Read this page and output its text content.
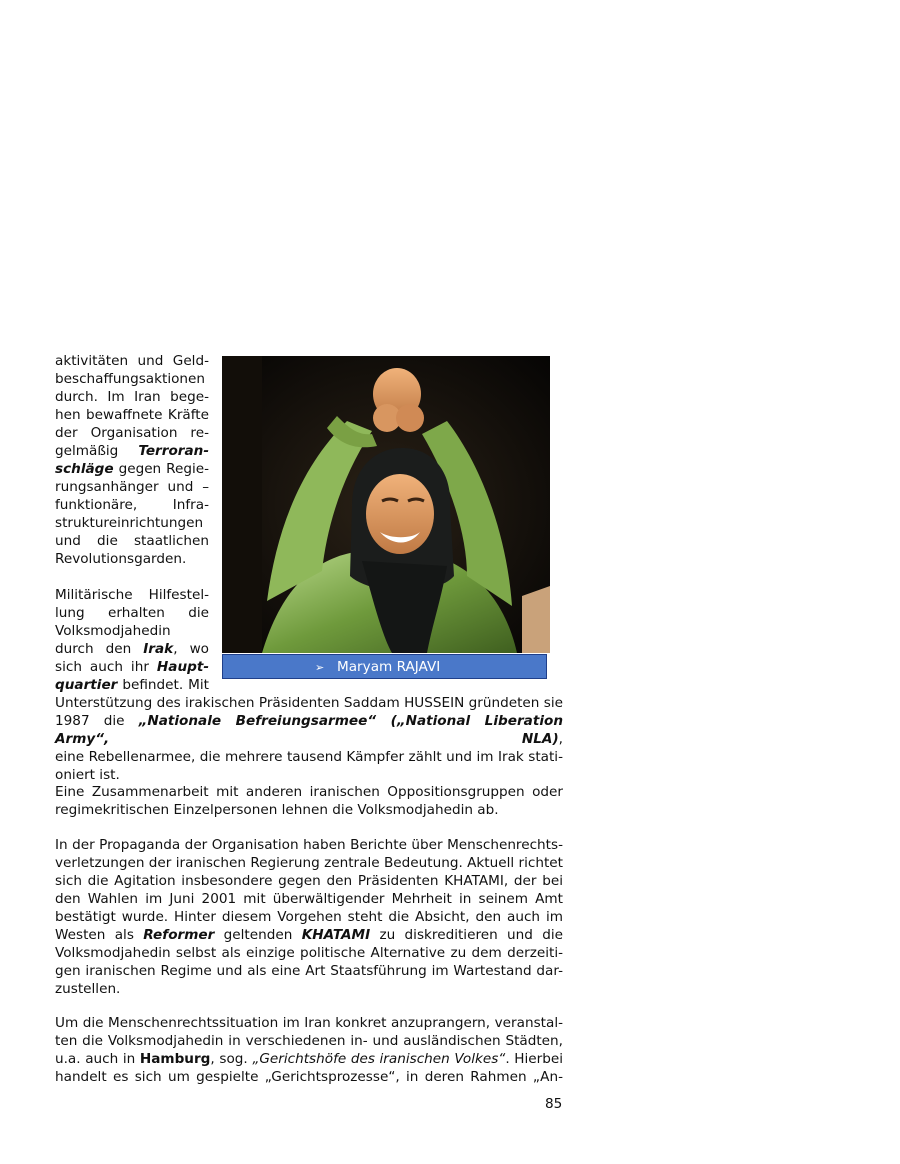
aktivitäten und Geld-
beschaffungsaktionen
durch. Im Iran bege-
hen bewaffnete Kräfte
der Organisation re-
gelmäßig Terroran-
schläge gegen Regie-
rungsanhänger und –
funktionäre, Infra-
struktureinrichtungen
und die staatlichen
Revolutionsgarden.
Militärische Hilfestel-
lung erhalten die
Volksmodjahedin
durch den Irak, wo
sich auch ihr Haupt-
quartier befindet. Mit
➢ Maryam RAJAVI
Unterstützung des irakischen Präsidenten Saddam HUSSEIN gründeten sie
1987 die „Nationale Befreiungsarmee“ („National Liberation Army“, NLA),
eine Rebellenarmee, die mehrere tausend Kämpfer zählt und im Irak stati-
oniert ist.
Eine Zusammenarbeit mit anderen iranischen Oppositionsgruppen oder
regimekritischen Einzelpersonen lehnen die Volksmodjahedin ab.
In der Propaganda der Organisation haben Berichte über Menschenrechts-
verletzungen der iranischen Regierung zentrale Bedeutung. Aktuell richtet
sich die Agitation insbesondere gegen den Präsidenten KHATAMI, der bei
den Wahlen im Juni 2001 mit überwältigender Mehrheit in seinem Amt
bestätigt wurde. Hinter diesem Vorgehen steht die Absicht, den auch im
Westen als Reformer geltenden KHATAMI zu diskreditieren und die
Volksmodjahedin selbst als einzige politische Alternative zu dem derzeiti-
gen iranischen Regime und als eine Art Staatsführung im Wartestand dar-
zustellen.
Um die Menschenrechtssituation im Iran konkret anzuprangern, veranstal-
ten die Volksmodjahedin in verschiedenen in- und ausländischen Städten,
u.a. auch in Hamburg, sog. „Gerichtshöfe des iranischen Volkes“. Hierbei
handelt es sich um gespielte „Gerichtsprozesse“, in deren Rahmen „An-
85
